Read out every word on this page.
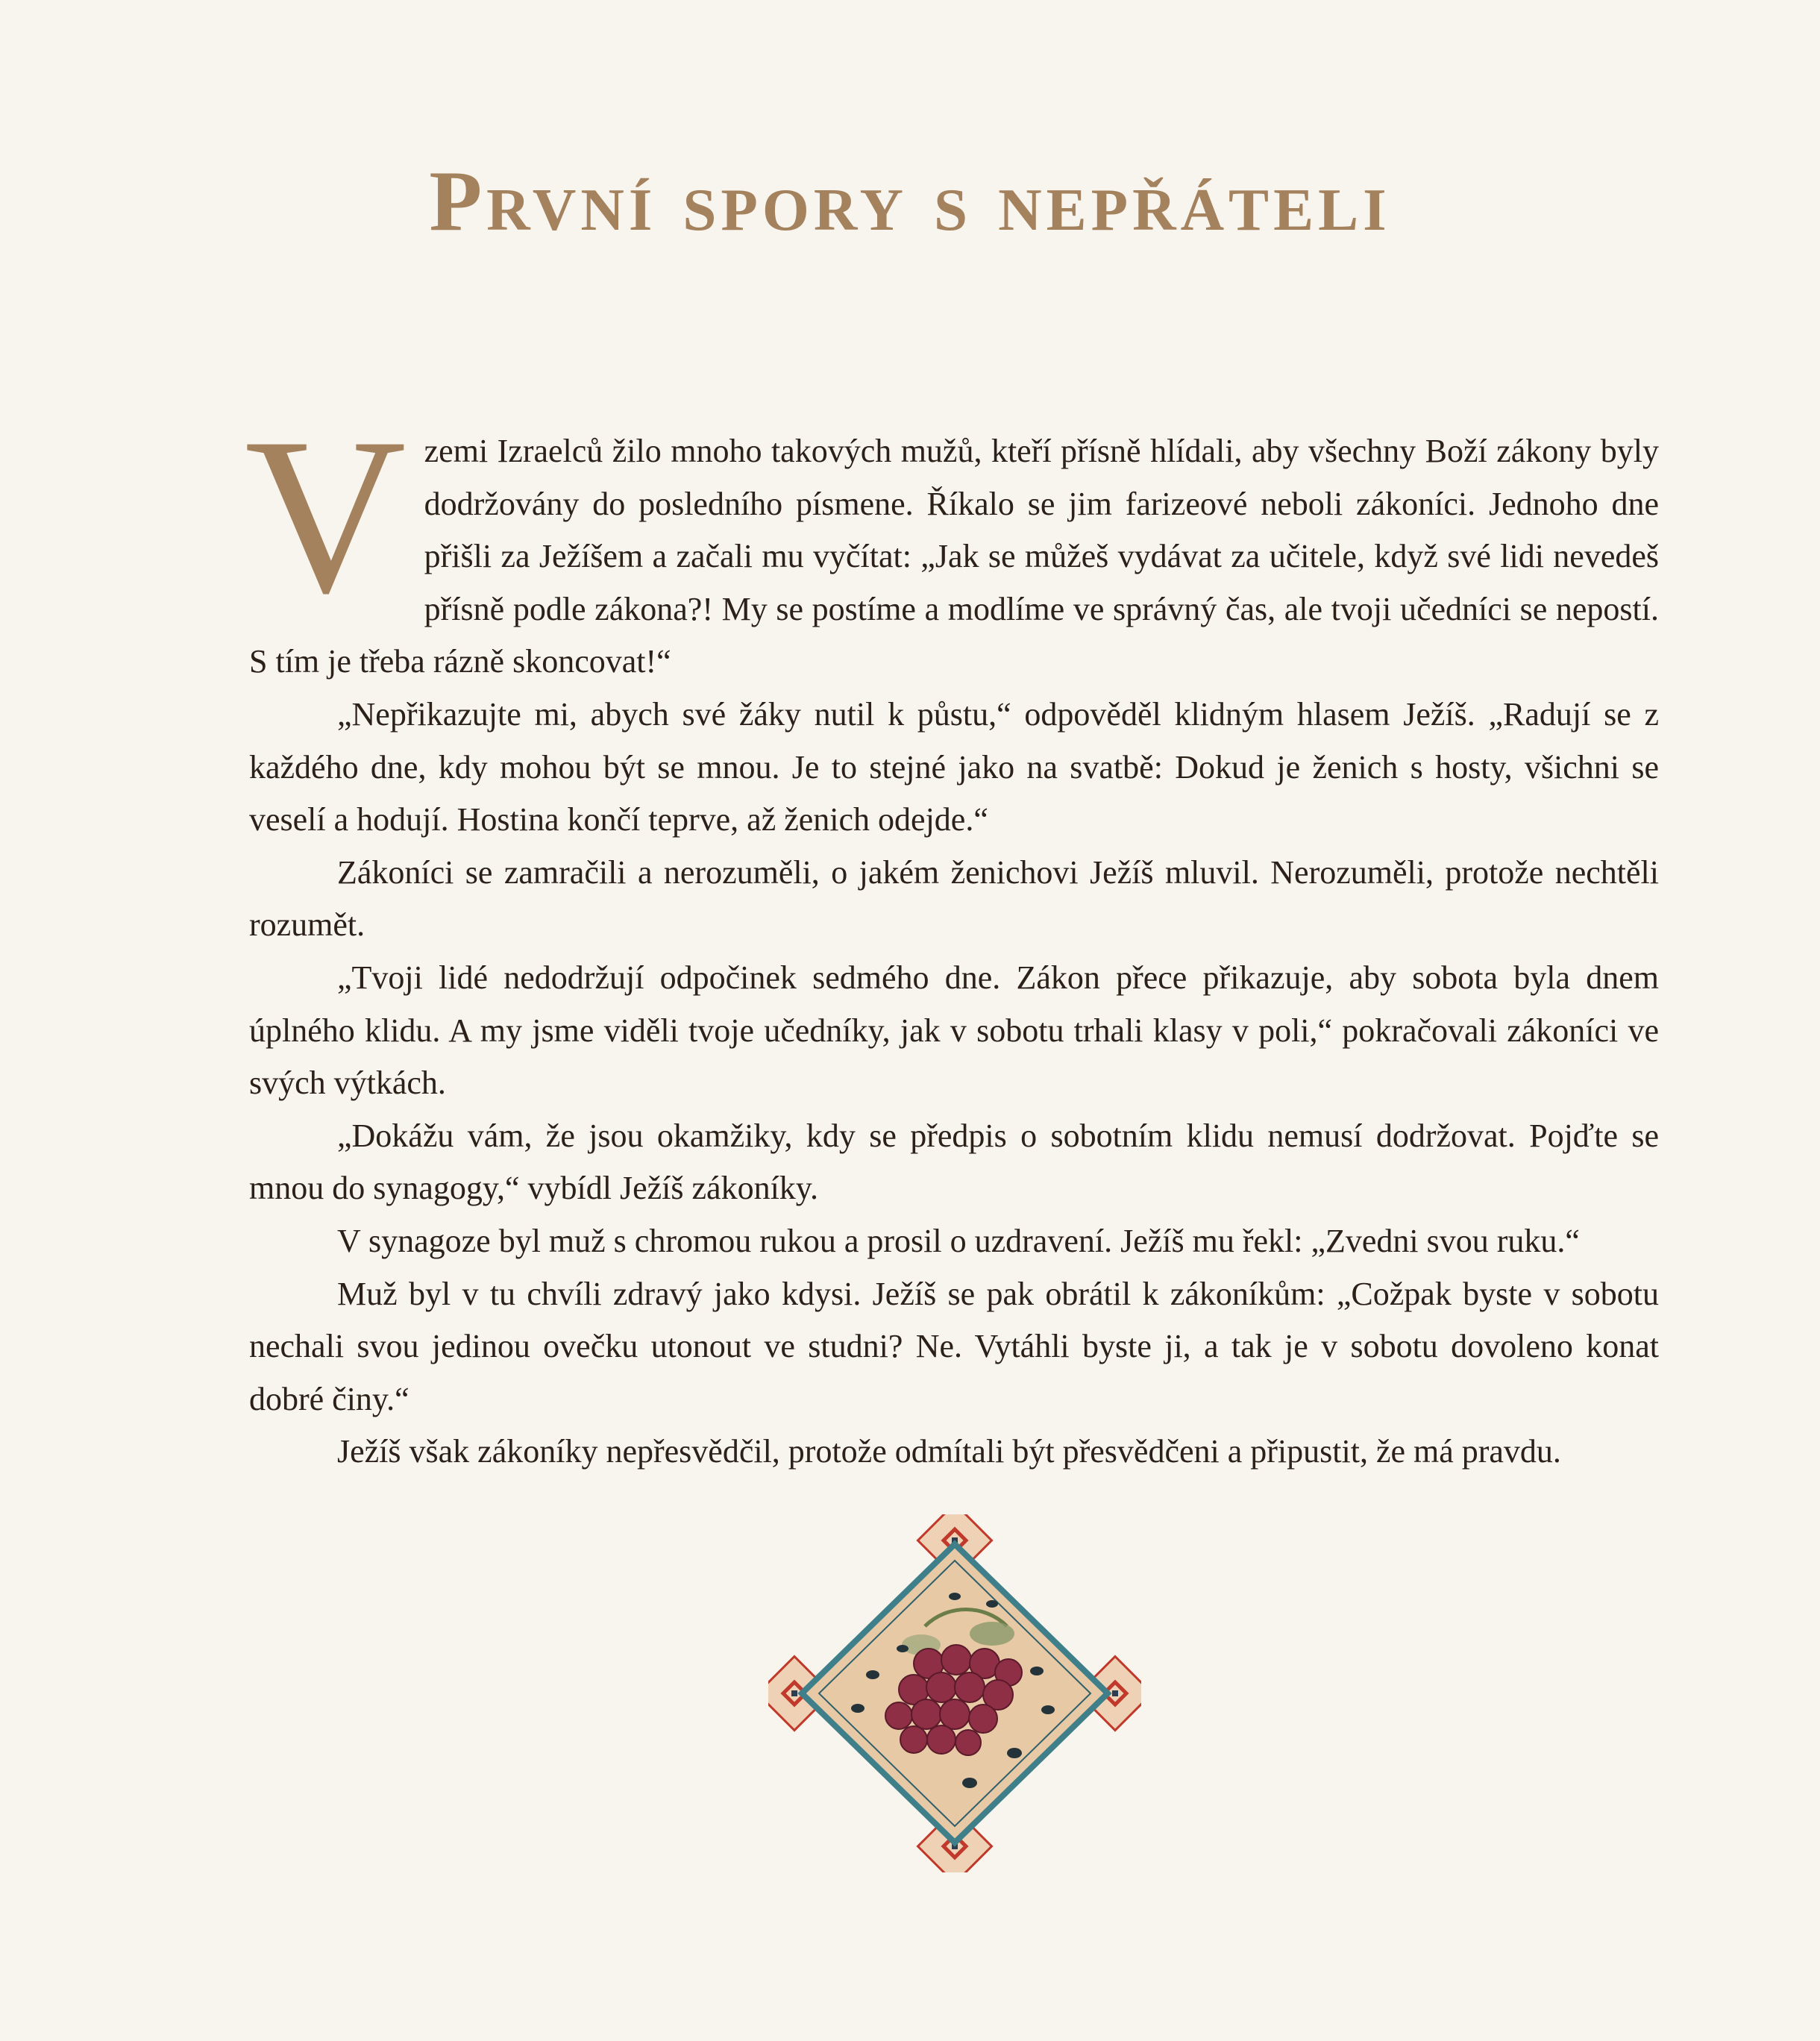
První spory s nepřáteli

V zemi Izraelců žilo mnoho takových mužů, kteří přísně hlídali, aby všechny Boží zákony byly dodržovány do posledního písmene. Říkalo se jim farizeové neboli zákoníci. Jednoho dne přišli za Ježíšem a začali mu vyčítat: „Jak se můžeš vydávat za učitele, když své lidi nevedeš přísně podle zákona?! My se postíme a modlíme ve správný čas, ale tvoji učedníci se nepostí. S tím je třeba rázně skoncovat!“

„Nepřikazujte mi, abych své žáky nutil k půstu,“ odpověděl klidným hlasem Ježíš. „Radují se z každého dne, kdy mohou být se mnou. Je to stejné jako na svatbě: Dokud je ženich s hosty, všichni se veselí a hodují. Hostina končí teprve, až ženich odejde.“

Zákoníci se zamračili a nerozuměli, o jakém ženichovi Ježíš mluvil. Nerozuměli, protože nechtěli rozumět.

„Tvoji lidé nedodržují odpočinek sedmého dne. Zákon přece přikazuje, aby sobota byla dnem úplného klidu. A my jsme viděli tvoje učedníky, jak v sobotu trhali klasy v poli,“ pokračovali zákoníci ve svých výtkách.

„Dokážu vám, že jsou okamžiky, kdy se předpis o sobotním klidu nemusí dodržovat. Pojďte se mnou do synagogy,“ vybídl Ježíš zákoníky.

V synagoze byl muž s chromou rukou a prosil o uzdravení. Ježíš mu řekl: „Zvedni svou ruku.“

Muž byl v tu chvíli zdravý jako kdysi. Ježíš se pak obrátil k zákoníkům: „Cožpak byste v sobotu nechali svou jedinou ovečku utonout ve studni? Ne. Vytáhli byste ji, a tak je v sobotu dovoleno konat dobré činy.“

Ježíš však zákoníky nepřesvědčil, protože odmítali být přesvědčeni a připustit, že má pravdu.
